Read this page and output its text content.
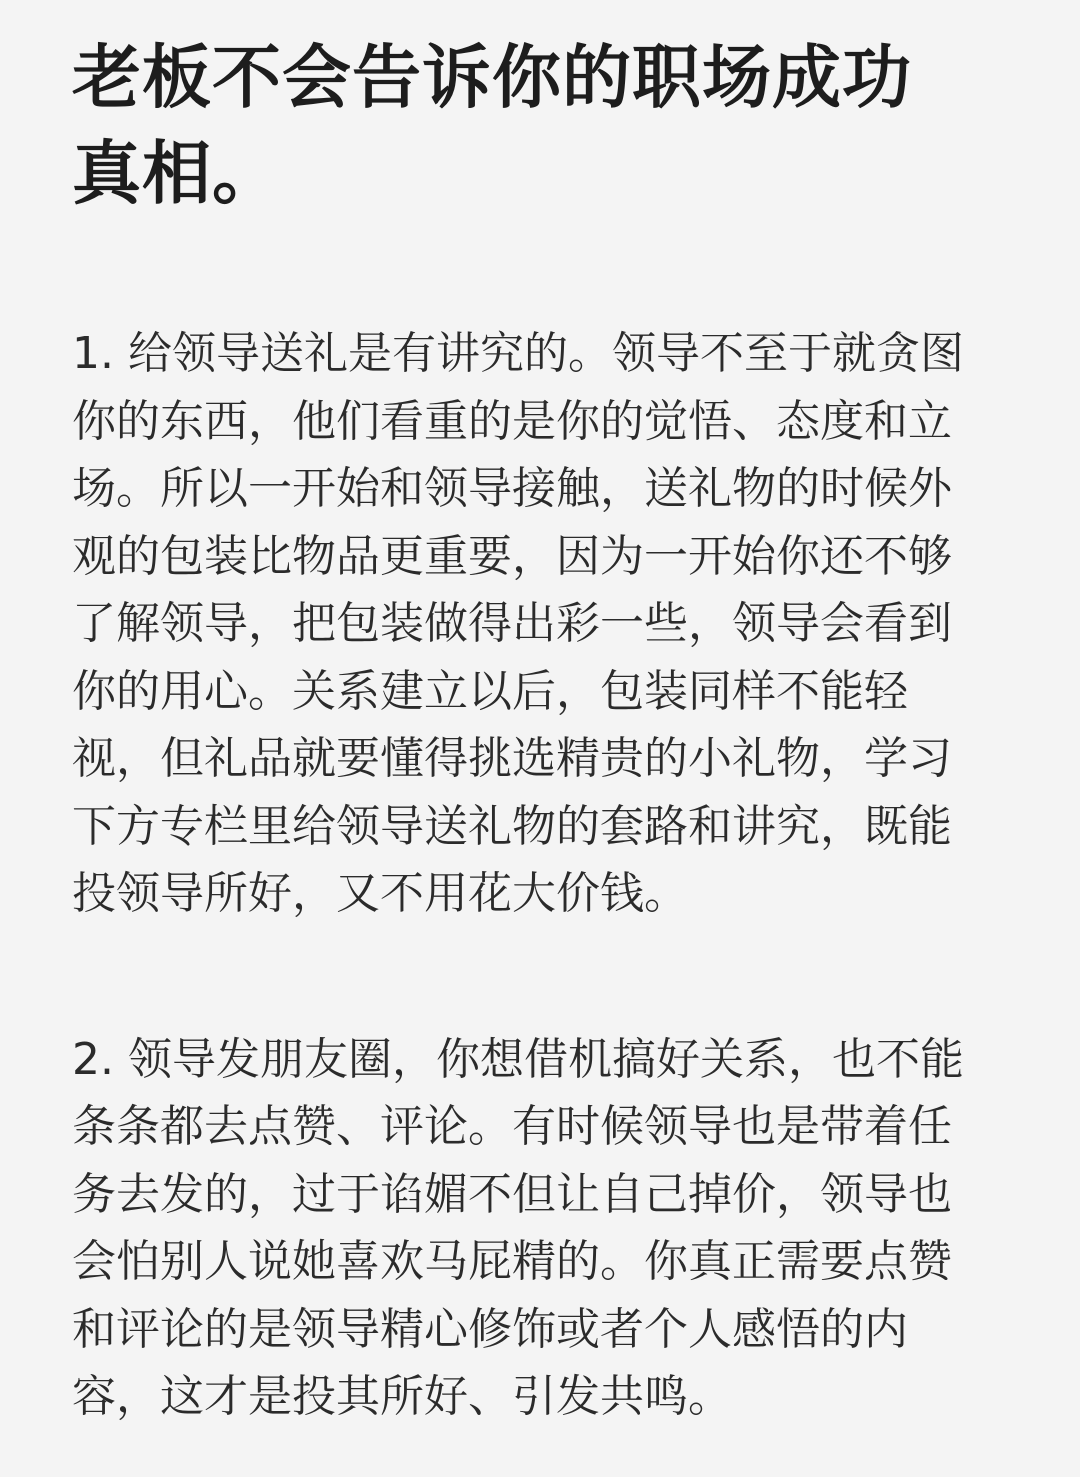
老板不会告诉你的职场成功真相。

1. 给领导送礼是有讲究的。领导不至于就贪图你的东西，他们看重的是你的觉悟、态度和立场。所以一开始和领导接触，送礼物的时候外观的包装比物品更重要，因为一开始你还不够了解领导，把包装做得出彩一些，领导会看到你的用心。关系建立以后，包装同样不能轻视，但礼品就要懂得挑选精贵的小礼物，学习下方专栏里给领导送礼物的套路和讲究，既能投领导所好，又不用花大价钱。

2. 领导发朋友圈，你想借机搞好关系，也不能条条都去点赞、评论。有时候领导也是带着任务去发的，过于谄媚不但让自己掉价，领导也会怕别人说她喜欢马屁精的。你真正需要点赞和评论的是领导精心修饰或者个人感悟的内容，这才是投其所好、引发共鸣。
